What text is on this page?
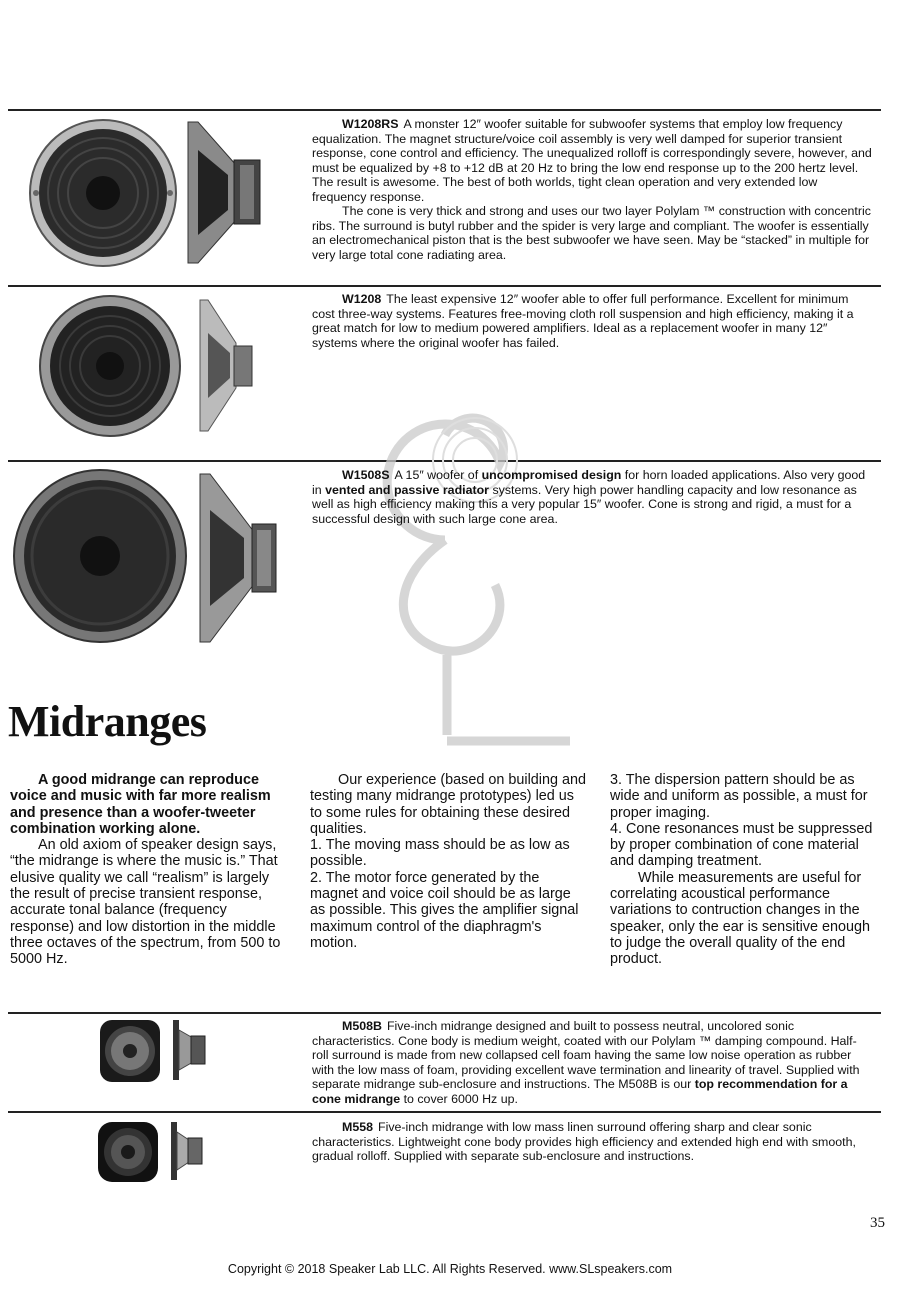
W1208RS A monster 12″ woofer suitable for subwoofer systems that employ low frequency equalization. The magnet structure/voice coil assembly is very well damped for superior transient response, cone control and efficiency. The unequalized rolloff is correspondingly severe, however, and must be equalized by +8 to +12 dB at 20 Hz to bring the low end response up to the 200 hertz level. The result is awesome. The best of both worlds, tight clean operation and very extended low frequency response.

The cone is very thick and strong and uses our two layer Polylam ™ construction with concentric ribs. The surround is butyl rubber and the spider is very large and compliant. The woofer is essentially an electromechanical piston that is the best subwoofer we have seen. May be “stacked” in multiple for very large total cone radiating area.

W1208 The least expensive 12″ woofer able to offer full performance. Excellent for minimum cost three-way systems. Features free-moving cloth roll suspension and high efficiency, making it a great match for low to medium powered amplifiers. Ideal as a replacement woofer in many 12″ systems where the original woofer has failed.

W1508S A 15″ woofer of uncompromised design for horn loaded applications. Also very good in vented and passive radiator systems. Very high power handling capacity and low resonance as well as high efficiency making this a very popular 15″ woofer. Cone is strong and rigid, a must for a successful design with such large cone area.

Midranges

A good midrange can reproduce voice and music with far more realism and presence than a woofer-tweeter combination working alone.

An old axiom of speaker design says, “the midrange is where the music is.” That elusive quality we call “realism” is largely the result of precise transient response, accurate tonal balance (frequency response) and low distortion in the middle three octaves of the spectrum, from 500 to 5000 Hz.

Our experience (based on building and testing many midrange prototypes) led us to some rules for obtaining these desired qualities.

1. The moving mass should be as low as possible.

2. The motor force generated by the magnet and voice coil should be as large as possible. This gives the amplifier signal maximum control of the diaphragm's motion.

3. The dispersion pattern should be as wide and uniform as possible, a must for proper imaging.

4. Cone resonances must be suppressed by proper combination of cone material and damping treatment.

While measurements are useful for correlating acoustical performance variations to contruction changes in the speaker, only the ear is sensitive enough to judge the overall quality of the end product.

M508B Five-inch midrange designed and built to possess neutral, uncolored sonic characteristics. Cone body is medium weight, coated with our Polylam ™ damping compound. Half-roll surround is made from new collapsed cell foam having the same low noise operation as rubber with the low mass of foam, providing excellent wave termination and linearity of travel. Supplied with separate midrange sub-enclosure and instructions. The M508B is our top recommendation for a cone midrange to cover 6000 Hz up.

M558 Five-inch midrange with low mass linen surround offering sharp and clear sonic characteristics. Lightweight cone body provides high efficiency and extended high end with smooth, gradual rolloff. Supplied with separate sub-enclosure and instructions.

35
Copyright © 2018 Speaker Lab LLC. All Rights Reserved. www.SLspeakers.com
